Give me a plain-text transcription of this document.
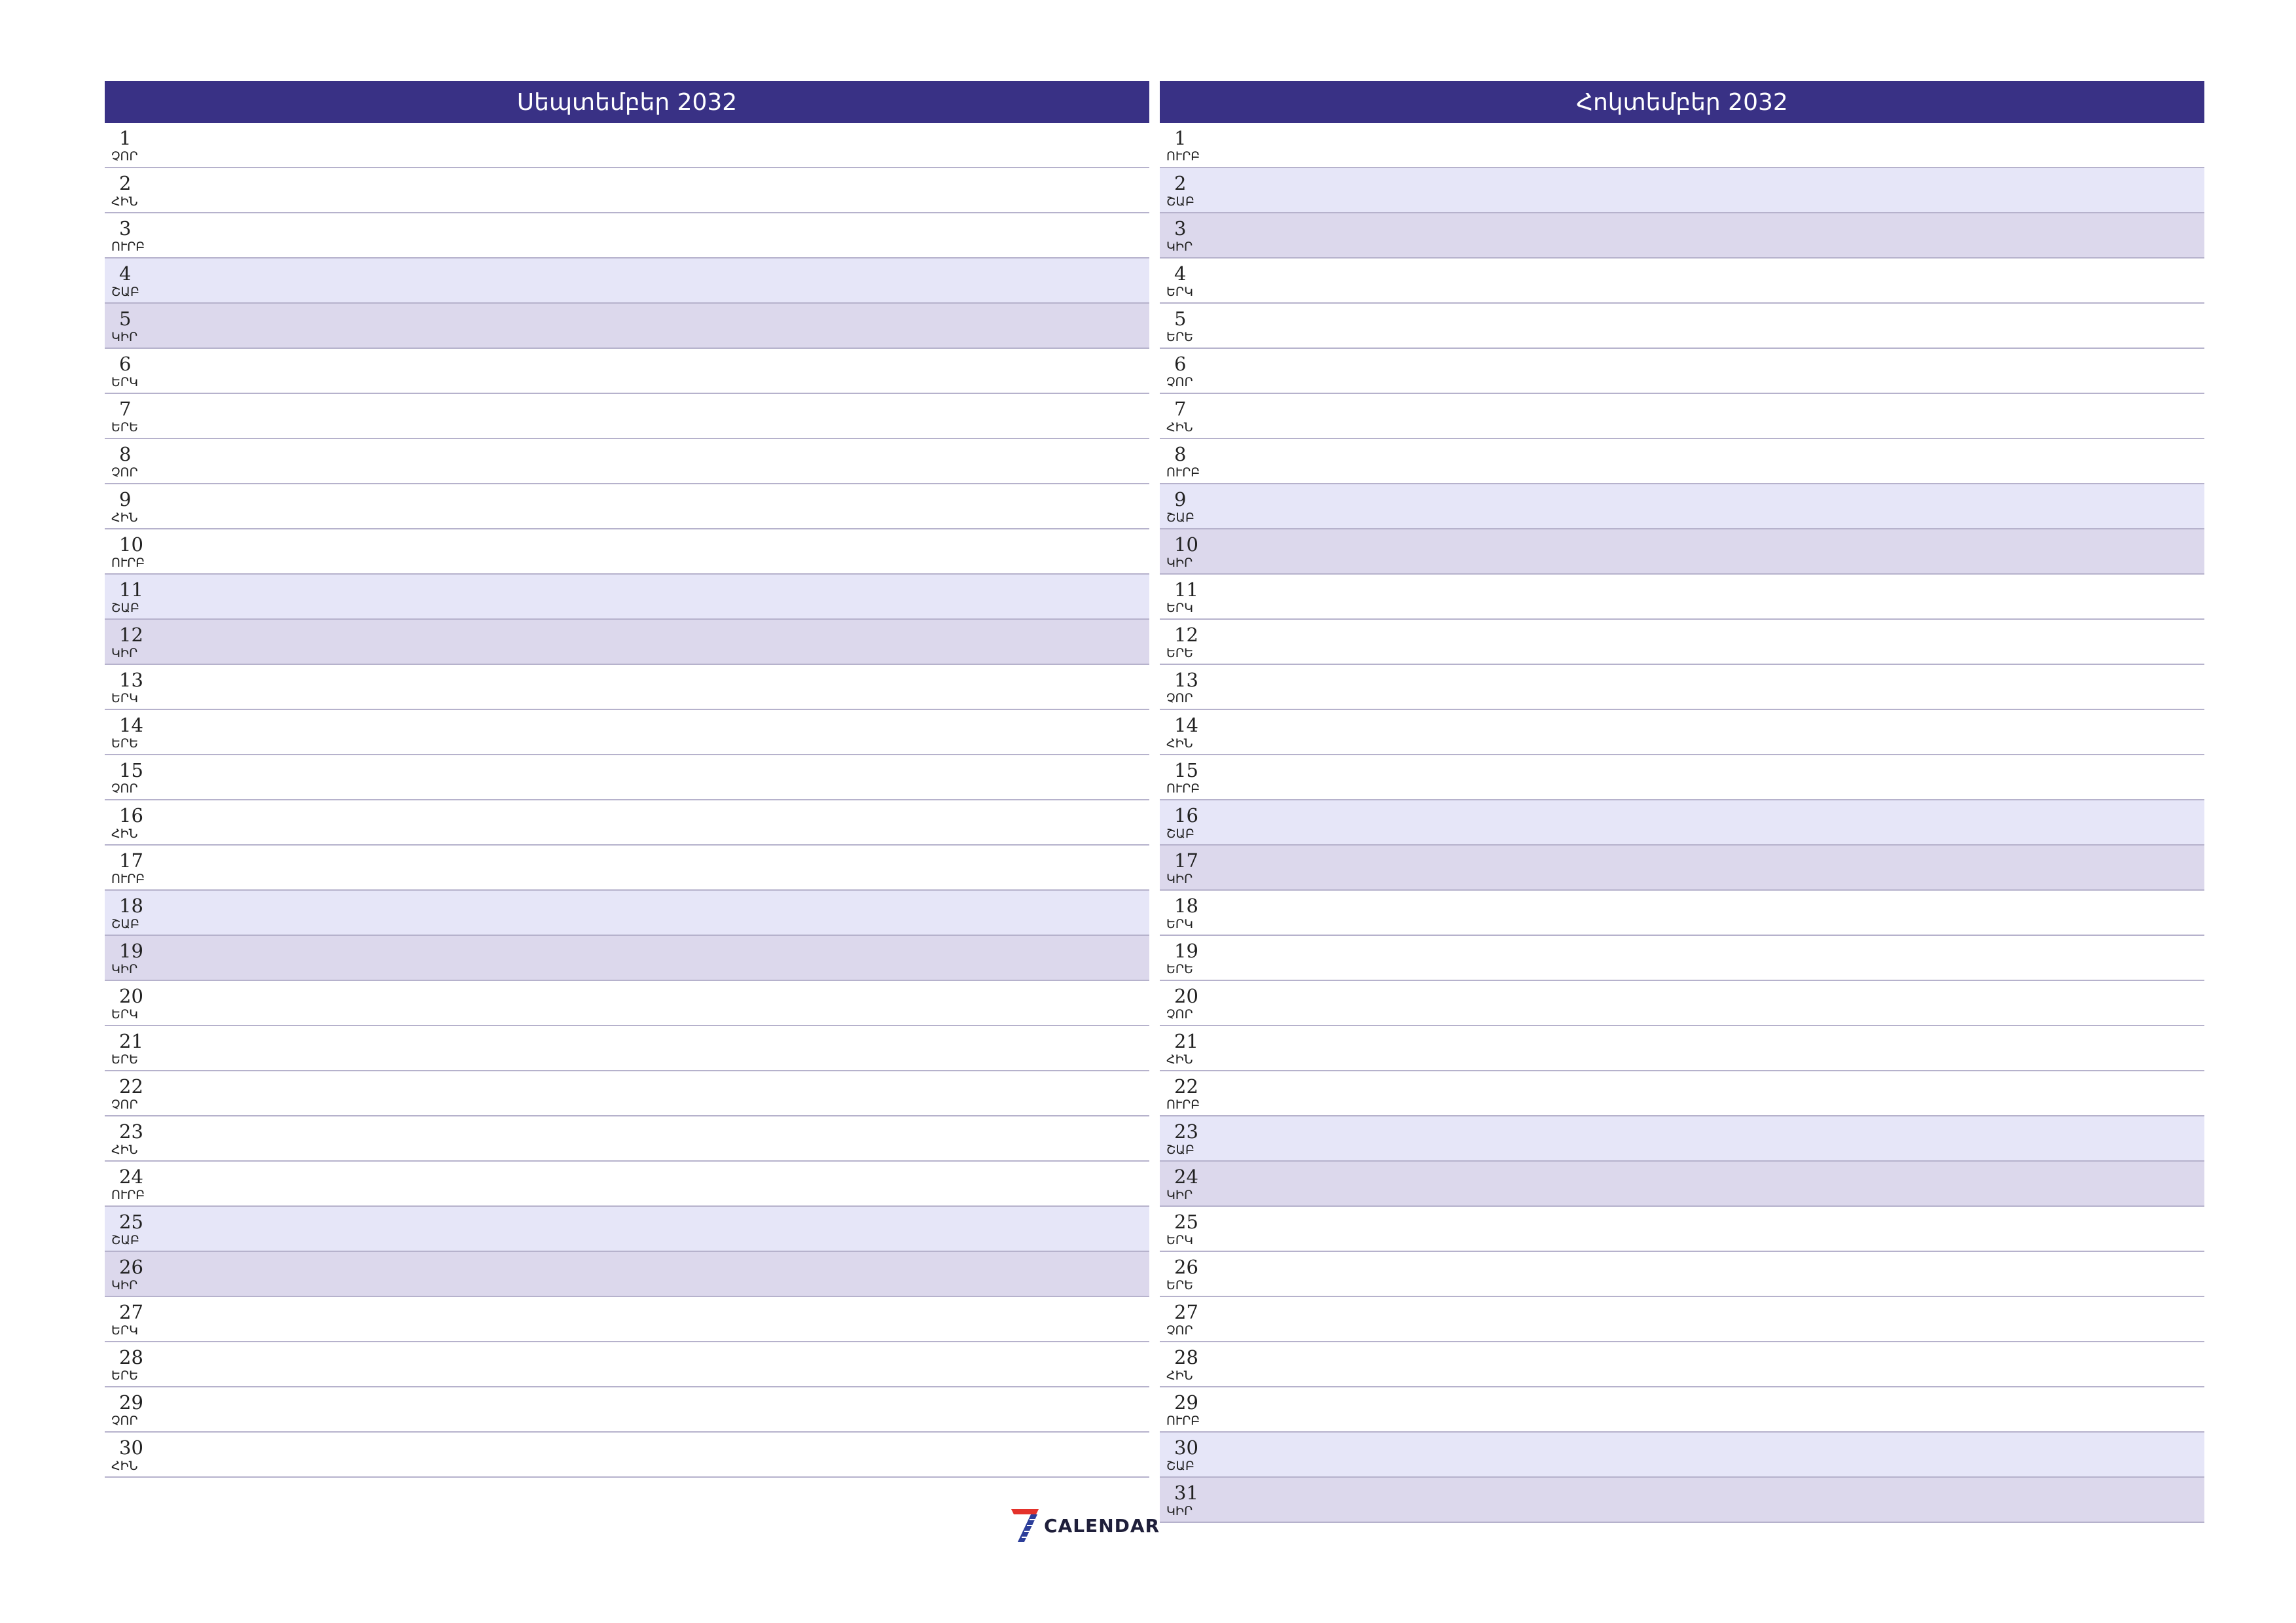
Սեպտեմբեր 2032
1
ՉՈՐ
2
ՀԻՆ
3
ՈՒՐԲ
4
ՇԱԲ
5
ԿԻՐ
6
ԵՐԿ
7
ԵՐԵ
8
ՉՈՐ
9
ՀԻՆ
10
ՈՒՐԲ
11
ՇԱԲ
12
ԿԻՐ
13
ԵՐԿ
14
ԵՐԵ
15
ՉՈՐ
16
ՀԻՆ
17
ՈՒՐԲ
18
ՇԱԲ
19
ԿԻՐ
20
ԵՐԿ
21
ԵՐԵ
22
ՉՈՐ
23
ՀԻՆ
24
ՈՒՐԲ
25
ՇԱԲ
26
ԿԻՐ
27
ԵՐԿ
28
ԵՐԵ
29
ՉՈՐ
30
ՀԻՆ
Հոկտեմբեր 2032
1
ՈՒՐԲ
2
ՇԱԲ
3
ԿԻՐ
4
ԵՐԿ
5
ԵՐԵ
6
ՉՈՐ
7
ՀԻՆ
8
ՈՒՐԲ
9
ՇԱԲ
10
ԿԻՐ
11
ԵՐԿ
12
ԵՐԵ
13
ՉՈՐ
14
ՀԻՆ
15
ՈՒՐԲ
16
ՇԱԲ
17
ԿԻՐ
18
ԵՐԿ
19
ԵՐԵ
20
ՉՈՐ
21
ՀԻՆ
22
ՈՒՐԲ
23
ՇԱԲ
24
ԿԻՐ
25
ԵՐԿ
26
ԵՐԵ
27
ՉՈՐ
28
ՀԻՆ
29
ՈՒՐԲ
30
ՇԱԲ
31
ԿԻՐ
CALENDAR
